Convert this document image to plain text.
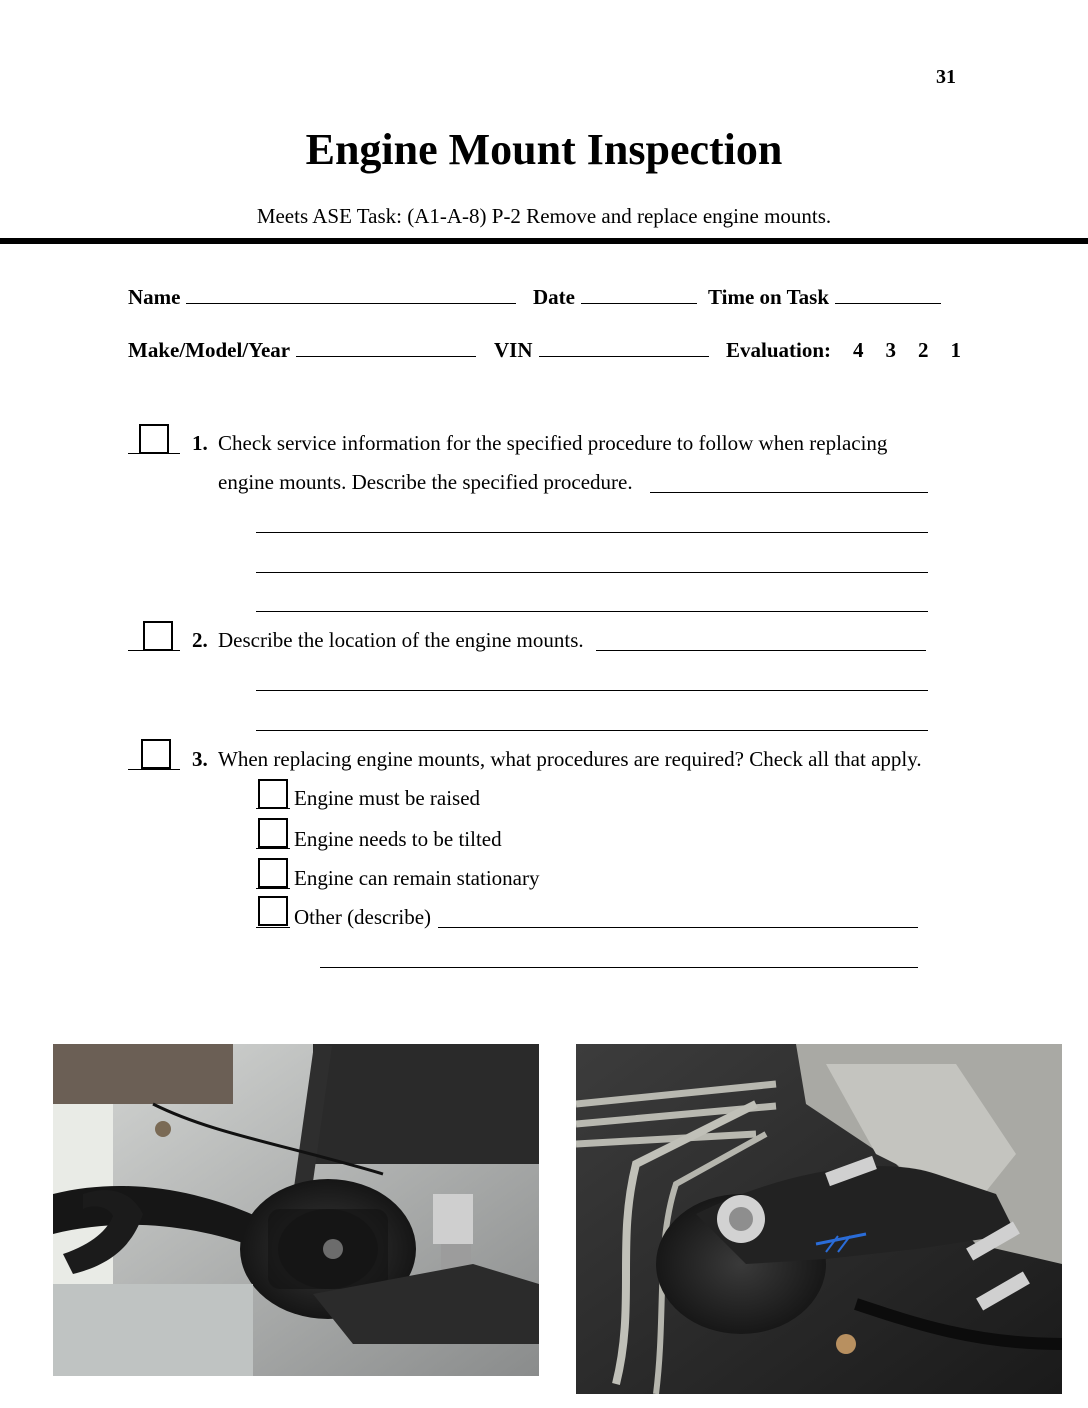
31
Engine Mount Inspection
Meets ASE Task: (A1-A-8) P-2 Remove and replace engine mounts.
Name	Date	Time on Task
Make/Model/Year	VIN	Evaluation: 4 3 2 1
1. Check service information for the specified procedure to follow when replacing
engine mounts. Describe the specified procedure.
2. Describe the location of the engine mounts.
3. When replacing engine mounts, what procedures are required? Check all that apply.
Engine must be raised
Engine needs to be tilted
Engine can remain stationary
Other (describe)
